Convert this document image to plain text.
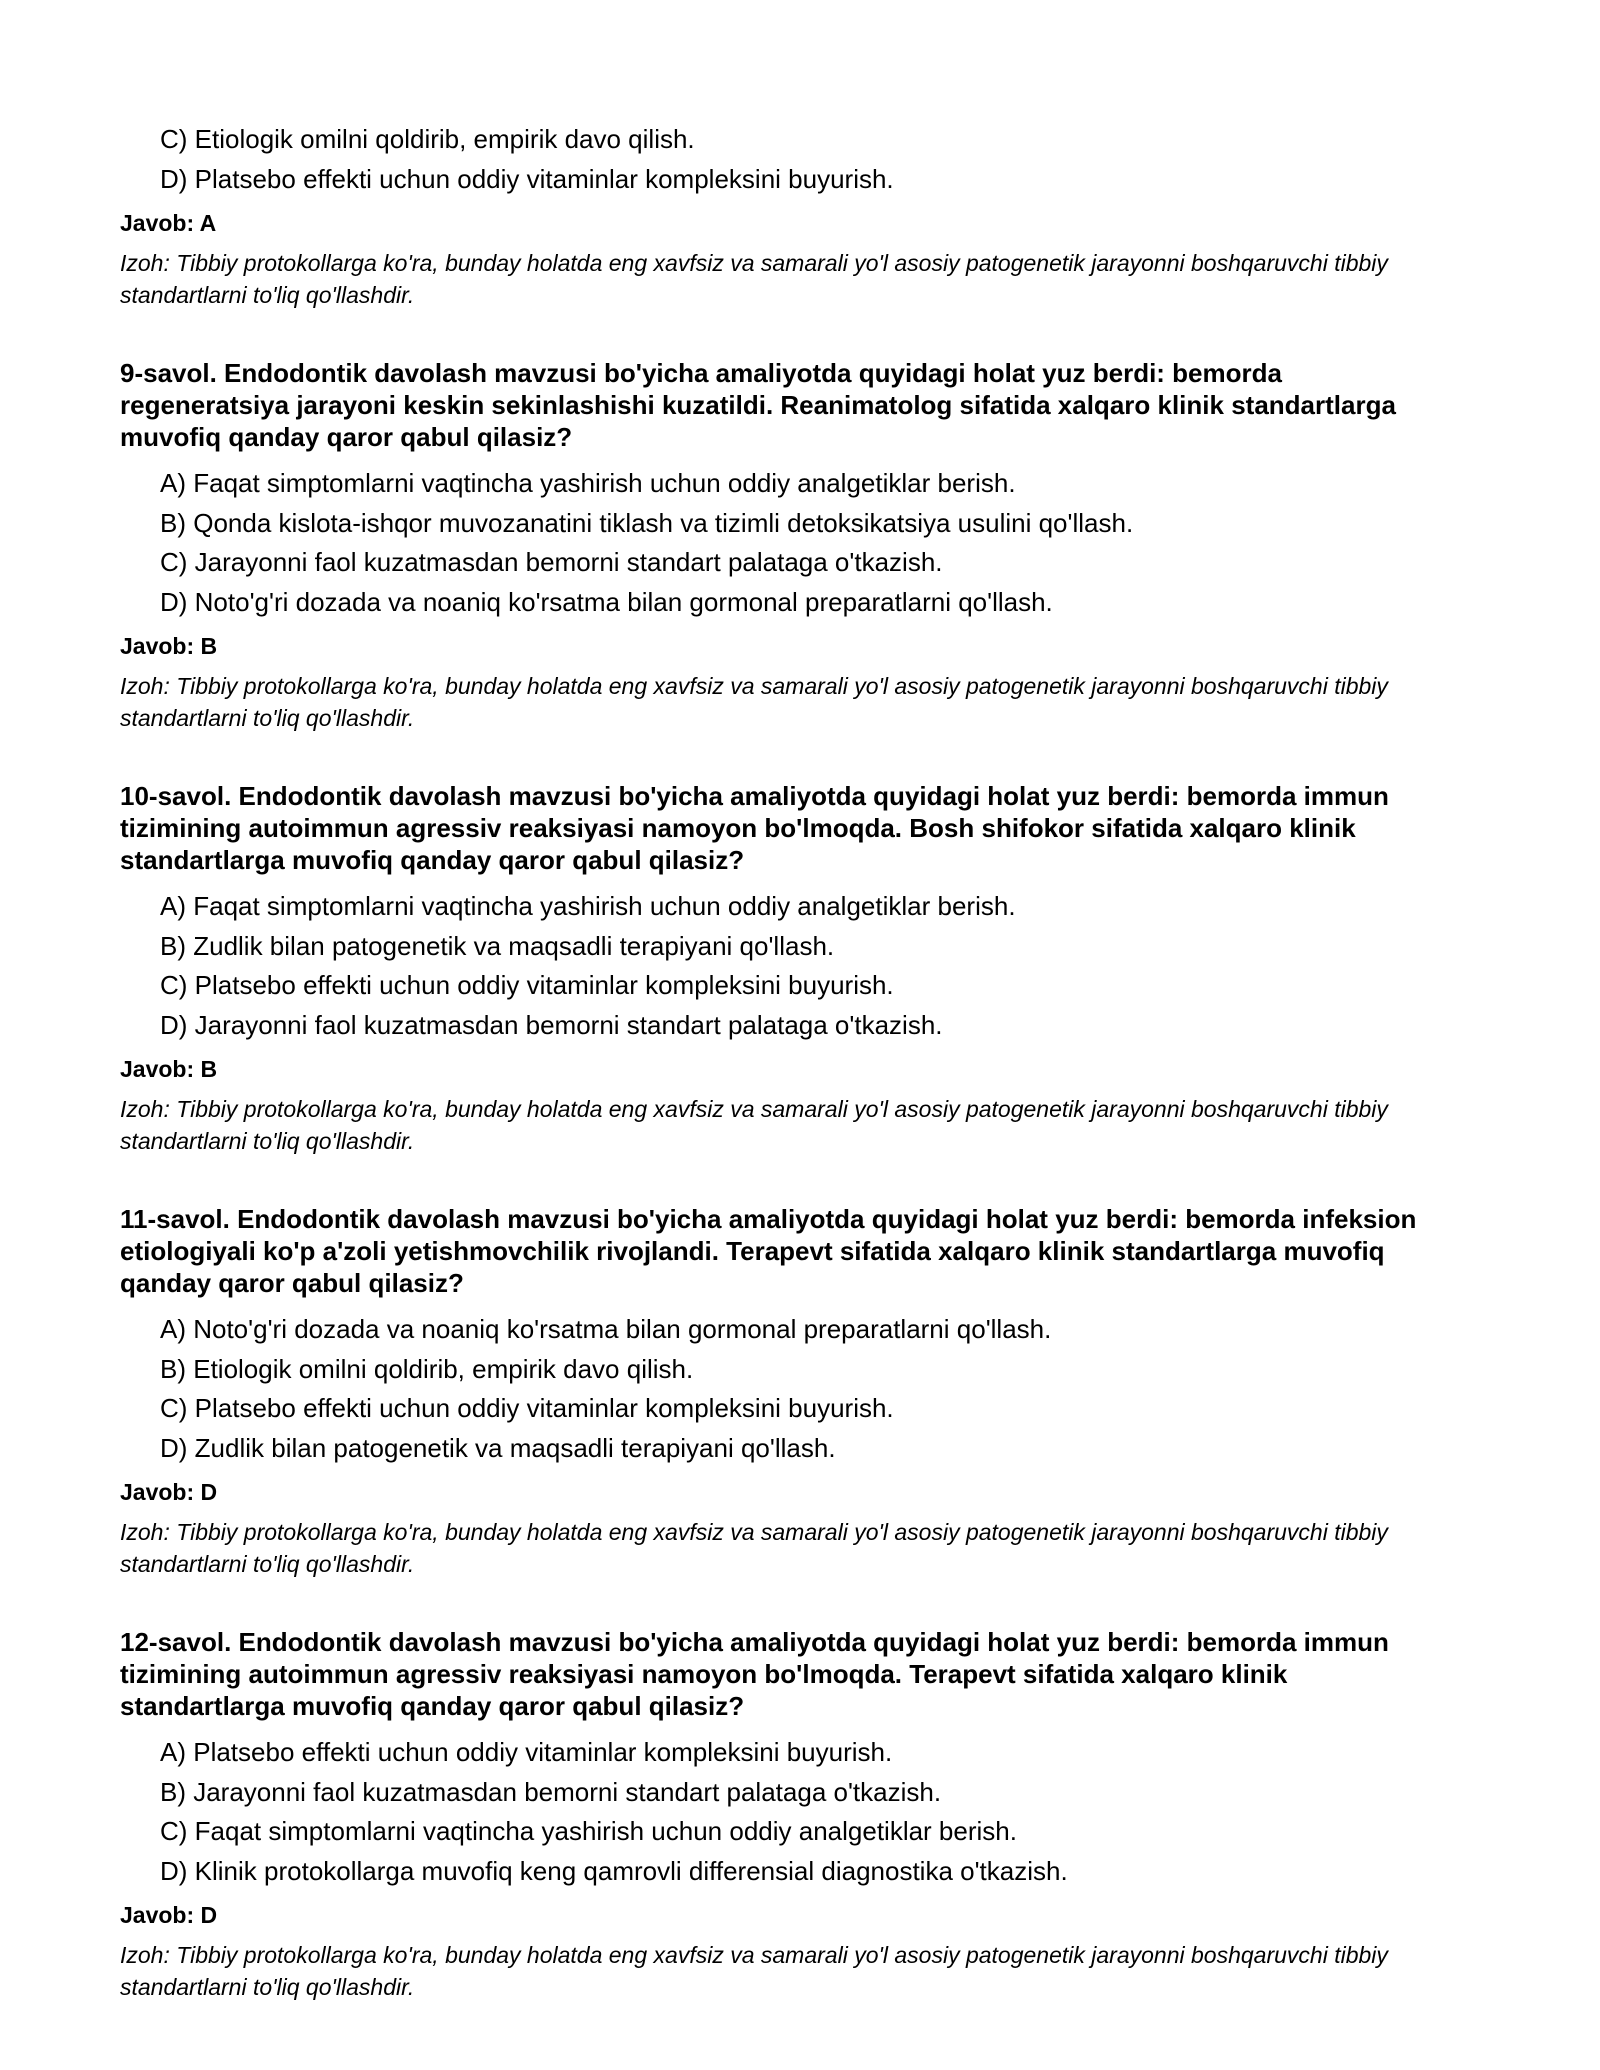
C) Etiologik omilni qoldirib, empirik davo qilish.
D) Platsebo effekti uchun oddiy vitaminlar kompleksini buyurish.
Javob: A
Izoh: Tibbiy protokollarga ko'ra, bunday holatda eng xavfsiz va samarali yo'l asosiy patogenetik jarayonni boshqaruvchi tibbiy standartlarni to'liq qo'llashdir.
9-savol. Endodontik davolash mavzusi bo'yicha amaliyotda quyidagi holat yuz berdi: bemorda regeneratsiya jarayoni keskin sekinlashishi kuzatildi. Reanimatolog sifatida xalqaro klinik standartlarga muvofiq qanday qaror qabul qilasiz?
A) Faqat simptomlarni vaqtincha yashirish uchun oddiy analgetiklar berish.
B) Qonda kislota-ishqor muvozanatini tiklash va tizimli detoksikatsiya usulini qo'llash.
C) Jarayonni faol kuzatmasdan bemorni standart palataga o'tkazish.
D) Noto'g'ri dozada va noaniq ko'rsatma bilan gormonal preparatlarni qo'llash.
Javob: B
Izoh: Tibbiy protokollarga ko'ra, bunday holatda eng xavfsiz va samarali yo'l asosiy patogenetik jarayonni boshqaruvchi tibbiy standartlarni to'liq qo'llashdir.
10-savol. Endodontik davolash mavzusi bo'yicha amaliyotda quyidagi holat yuz berdi: bemorda immun tizimining autoimmun agressiv reaksiyasi namoyon bo'lmoqda. Bosh shifokor sifatida xalqaro klinik standartlarga muvofiq qanday qaror qabul qilasiz?
A) Faqat simptomlarni vaqtincha yashirish uchun oddiy analgetiklar berish.
B) Zudlik bilan patogenetik va maqsadli terapiyani qo'llash.
C) Platsebo effekti uchun oddiy vitaminlar kompleksini buyurish.
D) Jarayonni faol kuzatmasdan bemorni standart palataga o'tkazish.
Javob: B
Izoh: Tibbiy protokollarga ko'ra, bunday holatda eng xavfsiz va samarali yo'l asosiy patogenetik jarayonni boshqaruvchi tibbiy standartlarni to'liq qo'llashdir.
11-savol. Endodontik davolash mavzusi bo'yicha amaliyotda quyidagi holat yuz berdi: bemorda infeksion etiologiyali ko'p a'zoli yetishmovchilik rivojlandi. Terapevt sifatida xalqaro klinik standartlarga muvofiq qanday qaror qabul qilasiz?
A) Noto'g'ri dozada va noaniq ko'rsatma bilan gormonal preparatlarni qo'llash.
B) Etiologik omilni qoldirib, empirik davo qilish.
C) Platsebo effekti uchun oddiy vitaminlar kompleksini buyurish.
D) Zudlik bilan patogenetik va maqsadli terapiyani qo'llash.
Javob: D
Izoh: Tibbiy protokollarga ko'ra, bunday holatda eng xavfsiz va samarali yo'l asosiy patogenetik jarayonni boshqaruvchi tibbiy standartlarni to'liq qo'llashdir.
12-savol. Endodontik davolash mavzusi bo'yicha amaliyotda quyidagi holat yuz berdi: bemorda immun tizimining autoimmun agressiv reaksiyasi namoyon bo'lmoqda. Terapevt sifatida xalqaro klinik standartlarga muvofiq qanday qaror qabul qilasiz?
A) Platsebo effekti uchun oddiy vitaminlar kompleksini buyurish.
B) Jarayonni faol kuzatmasdan bemorni standart palataga o'tkazish.
C) Faqat simptomlarni vaqtincha yashirish uchun oddiy analgetiklar berish.
D) Klinik protokollarga muvofiq keng qamrovli differensial diagnostika o'tkazish.
Javob: D
Izoh: Tibbiy protokollarga ko'ra, bunday holatda eng xavfsiz va samarali yo'l asosiy patogenetik jarayonni boshqaruvchi tibbiy standartlarni to'liq qo'llashdir.
